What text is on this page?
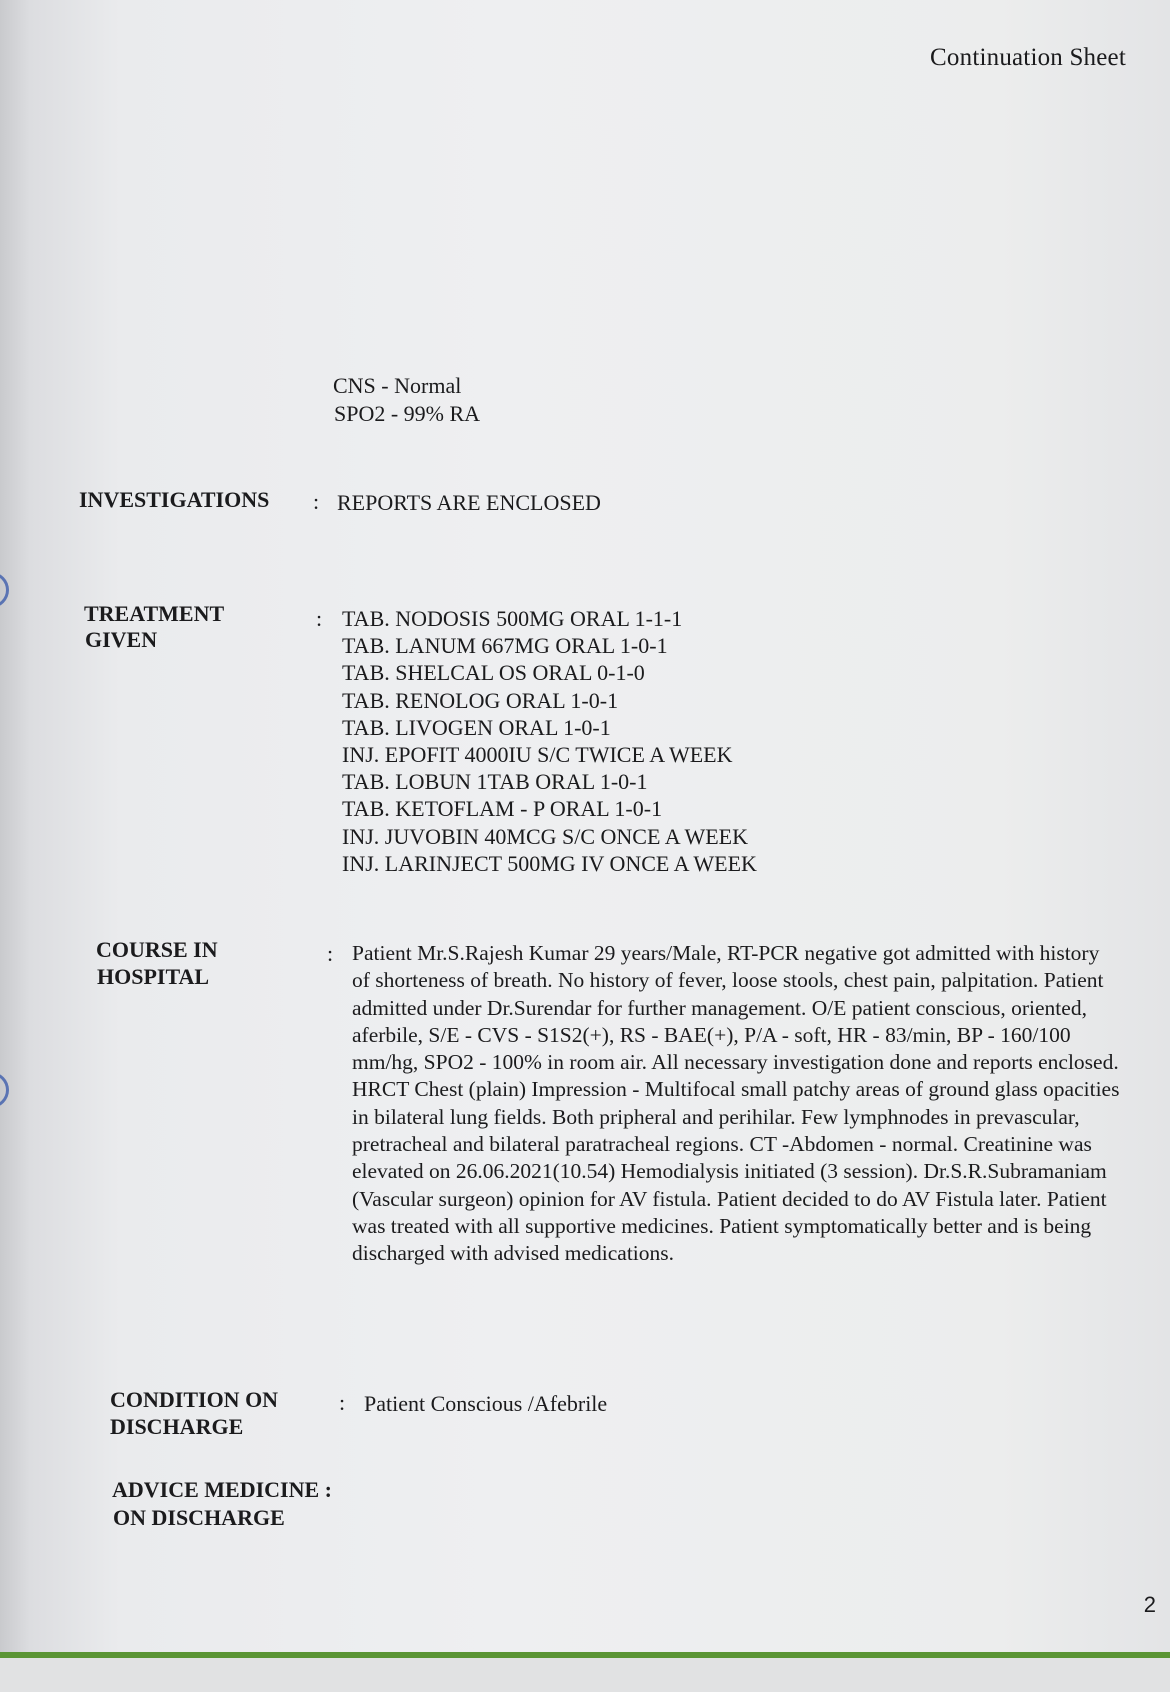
Continuation Sheet
CNS - Normal
SPO2 - 99% RA
INVESTIGATIONS : REPORTS ARE ENCLOSED
TREATMENT
GIVEN
: TAB. NODOSIS 500MG ORAL 1-1-1
TAB. LANUM 667MG ORAL 1-0-1
TAB. SHELCAL OS ORAL 0-1-0
TAB. RENOLOG ORAL 1-0-1
TAB. LIVOGEN ORAL 1-0-1
INJ. EPOFIT 4000IU S/C TWICE A WEEK
TAB. LOBUN 1TAB ORAL 1-0-1
TAB. KETOFLAM - P ORAL 1-0-1
INJ. JUVOBIN 40MCG S/C ONCE A WEEK
INJ. LARINJECT 500MG IV ONCE A WEEK
COURSE IN
HOSPITAL
: Patient Mr.S.Rajesh Kumar 29 years/Male, RT-PCR negative got admitted with history of shorteness of breath. No history of fever, loose stools, chest pain, palpitation. Patient admitted under Dr.Surendar for further management. O/E patient conscious, oriented, aferbile, S/E - CVS - S1S2(+), RS - BAE(+), P/A - soft, HR - 83/min, BP - 160/100 mm/hg, SPO2 - 100% in room air. All necessary investigation done and reports enclosed. HRCT Chest (plain) Impression - Multifocal small patchy areas of ground glass opacities in bilateral lung fields. Both pripheral and perihilar. Few lymphnodes in prevascular, pretracheal and bilateral paratracheal regions. CT -Abdomen - normal. Creatinine was elevated on 26.06.2021(10.54) Hemodialysis initiated (3 session). Dr.S.R.Subramaniam (Vascular surgeon) opinion for AV fistula. Patient decided to do AV Fistula later. Patient was treated with all supportive medicines. Patient symptomatically better and is being discharged with advised medications.

CONDITION ON
DISCHARGE
: Patient Conscious /Afebrile
ADVICE MEDICINE :
ON DISCHARGE
2
